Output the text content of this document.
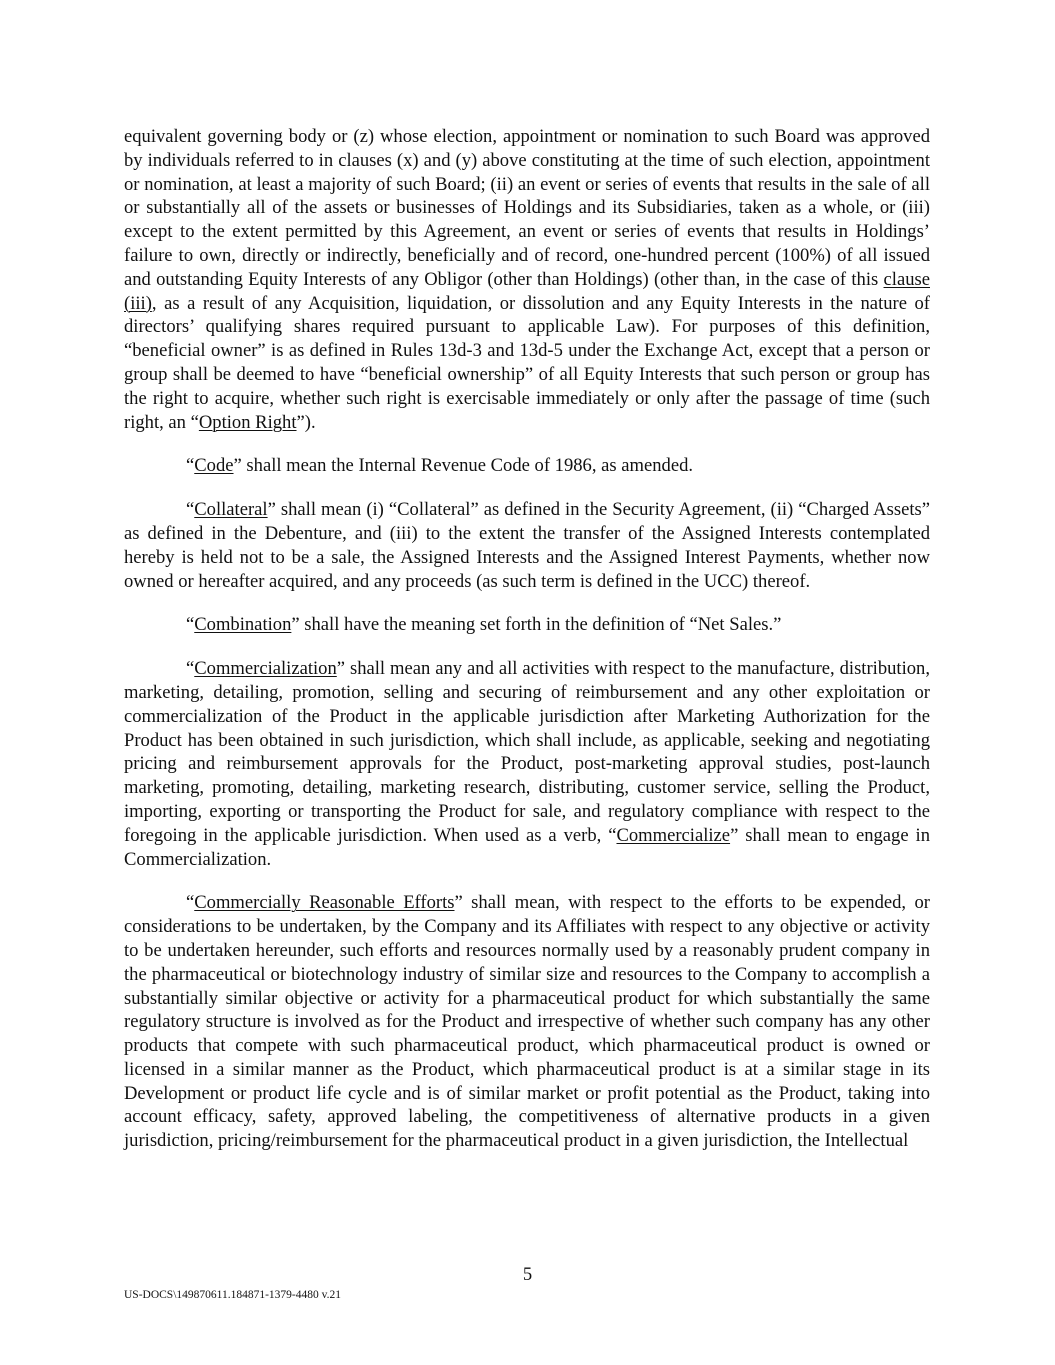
equivalent governing body or (z) whose election, appointment or nomination to such Board was approved by individuals referred to in clauses (x) and (y) above constituting at the time of such election, appointment or nomination, at least a majority of such Board; (ii) an event or series of events that results in the sale of all or substantially all of the assets or businesses of Holdings and its Subsidiaries, taken as a whole, or (iii) except to the extent permitted by this Agreement, an event or series of events that results in Holdings’ failure to own, directly or indirectly, beneficially and of record, one-hundred percent (100%) of all issued and outstanding Equity Interests of any Obligor (other than Holdings) (other than, in the case of this clause (iii), as a result of any Acquisition, liquidation, or dissolution and any Equity Interests in the nature of directors’ qualifying shares required pursuant to applicable Law). For purposes of this definition, “beneficial owner” is as defined in Rules 13d-3 and 13d-5 under the Exchange Act, except that a person or group shall be deemed to have “beneficial ownership” of all Equity Interests that such person or group has the right to acquire, whether such right is exercisable immediately or only after the passage of time (such right, an “Option Right”).

“Code” shall mean the Internal Revenue Code of 1986, as amended.

“Collateral” shall mean (i) “Collateral” as defined in the Security Agreement, (ii) “Charged Assets” as defined in the Debenture, and (iii) to the extent the transfer of the Assigned Interests contemplated hereby is held not to be a sale, the Assigned Interests and the Assigned Interest Payments, whether now owned or hereafter acquired, and any proceeds (as such term is defined in the UCC) thereof.

“Combination” shall have the meaning set forth in the definition of “Net Sales.”

“Commercialization” shall mean any and all activities with respect to the manufacture, distribution, marketing, detailing, promotion, selling and securing of reimbursement and any other exploitation or commercialization of the Product in the applicable jurisdiction after Marketing Authorization for the Product has been obtained in such jurisdiction, which shall include, as applicable, seeking and negotiating pricing and reimbursement approvals for the Product, post-marketing approval studies, post-launch marketing, promoting, detailing, marketing research, distributing, customer service, selling the Product, importing, exporting or transporting the Product for sale, and regulatory compliance with respect to the foregoing in the applicable jurisdiction. When used as a verb, “Commercialize” shall mean to engage in Commercialization.

“Commercially Reasonable Efforts” shall mean, with respect to the efforts to be expended, or considerations to be undertaken, by the Company and its Affiliates with respect to any objective or activity to be undertaken hereunder, such efforts and resources normally used by a reasonably prudent company in the pharmaceutical or biotechnology industry of similar size and resources to the Company to accomplish a substantially similar objective or activity for a pharmaceutical product for which substantially the same regulatory structure is involved as for the Product and irrespective of whether such company has any other products that compete with such pharmaceutical product, which pharmaceutical product is owned or licensed in a similar manner as the Product, which pharmaceutical product is at a similar stage in its Development or product life cycle and is of similar market or profit potential as the Product, taking into account efficacy, safety, approved labeling, the competitiveness of alternative products in a given jurisdiction, pricing/reimbursement for the pharmaceutical product in a given jurisdiction, the Intellectual

5
US-DOCS\149870611.184871-1379-4480 v.21
